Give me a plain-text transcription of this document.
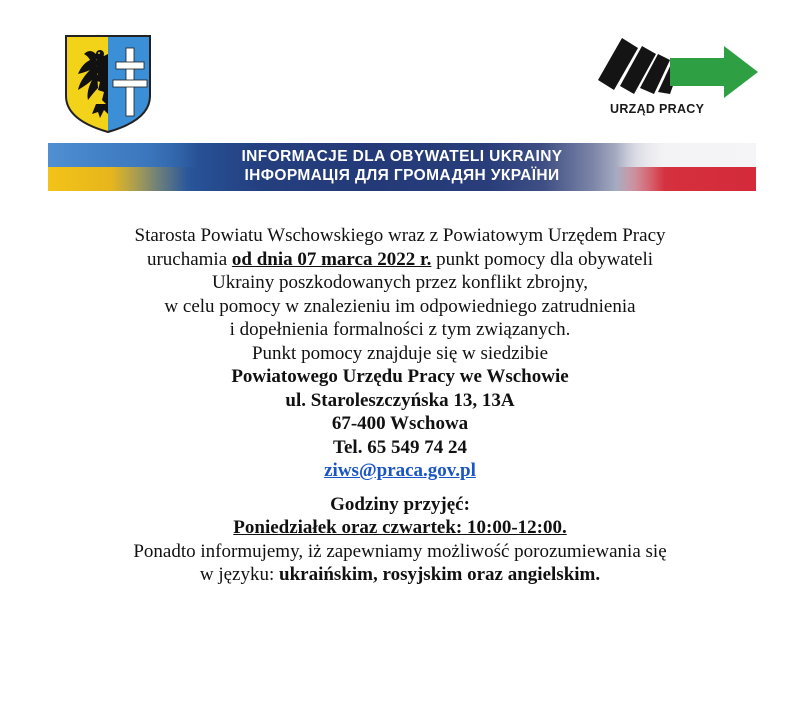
URZĄD PRACY
INFORMACJE DLA OBYWATELI UKRAINY
ІНФОРМАЦІЯ ДЛЯ ГРОМАДЯН УКРАЇНИ

Starosta Powiatu Wschowskiego wraz z Powiatowym Urzędem Pracy

uruchamia od dnia 07 marca 2022 r. punkt pomocy dla obywateli

Ukrainy poszkodowanych przez konflikt zbrojny,

w celu pomocy w znalezieniu im odpowiedniego zatrudnienia

i dopełnienia formalności z tym związanych.

Punkt pomocy znajduje się w siedzibie

Powiatowego Urzędu Pracy we Wschowie

ul. Staroleszczyńska 13, 13A

67-400 Wschowa

Tel. 65 549 74 24

ziws@praca.gov.pl

Godziny przyjęć:

Poniedziałek oraz czwartek: 10:00-12:00.

Ponadto informujemy, iż zapewniamy możliwość porozumiewania się

w języku: ukraińskim, rosyjskim oraz angielskim.
